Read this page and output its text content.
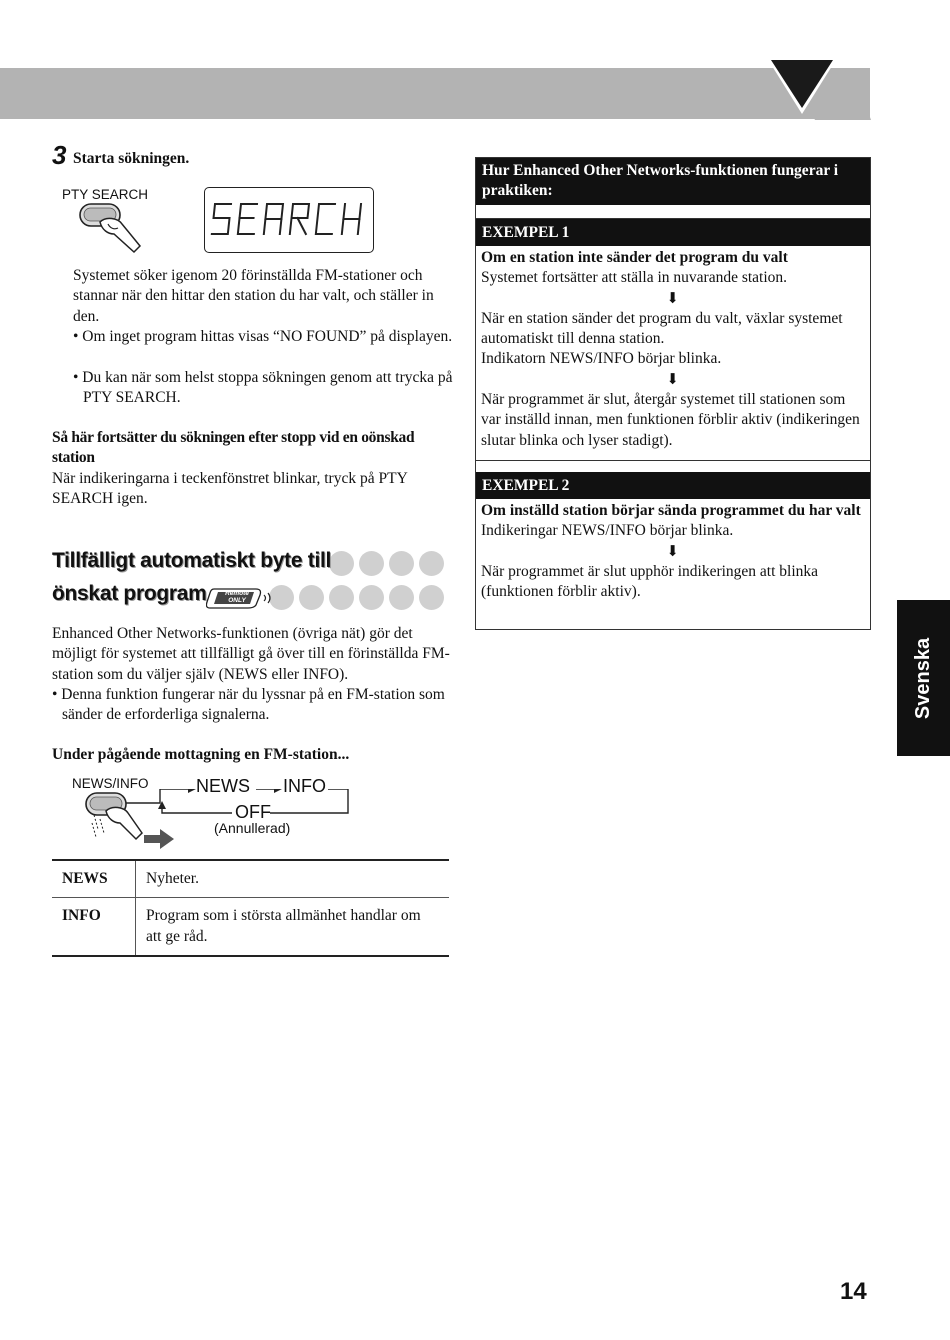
3 Starta sökningen.
PTY SEARCH
Systemet söker igenom 20 förinställda FM-stationer och stannar när den hittar den station du har valt, och ställer in den.
• Om inget program hittas visas “NO FOUND” på displayen.
• Du kan när som helst stoppa sökningen genom att trycka på PTY SEARCH.
Så här fortsätter du sökningen efter stopp vid en oönskad station
När indikeringarna i teckenfönstret blinkar, tryck på PTY SEARCH igen.
Tillfälligt automatiskt byte till
önskat program	Remote
ONLY
Enhanced Other Networks-funktionen (övriga nät) gör det möjligt för systemet att tillfälligt gå över till en förinställda FM-station som du väljer själv (NEWS eller INFO).
• Denna funktion fungerar när du lyssnar på en FM-station som sänder de erforderliga signalerna.
Under pågående mottagning en FM-station...
NEWS/INFO	NEWS INFO
OFF
(Annullerad)
NEWS	Nyheter.
INFO	Program som i största allmänhet handlar om att ge råd.
Hur Enhanced Other Networks-funktionen fungerar i praktiken:
EXEMPEL 1
Om en station inte sänder det program du valt
Systemet fortsätter att ställa in nuvarande station.
⬇
När en station sänder det program du valt, växlar systemet automatiskt till denna station.
Indikatorn NEWS/INFO börjar blinka.
⬇
När programmet är slut, återgår systemet till stationen som var inställd innan, men funktionen förblir aktiv (indikeringen slutar blinka och lyser stadigt).
EXEMPEL 2
Om inställd station börjar sända programmet du har valt
Indikeringar NEWS/INFO börjar blinka.
⬇
När programmet är slut upphör indikeringen att blinka (funktionen förblir aktiv).
Svenska
14
